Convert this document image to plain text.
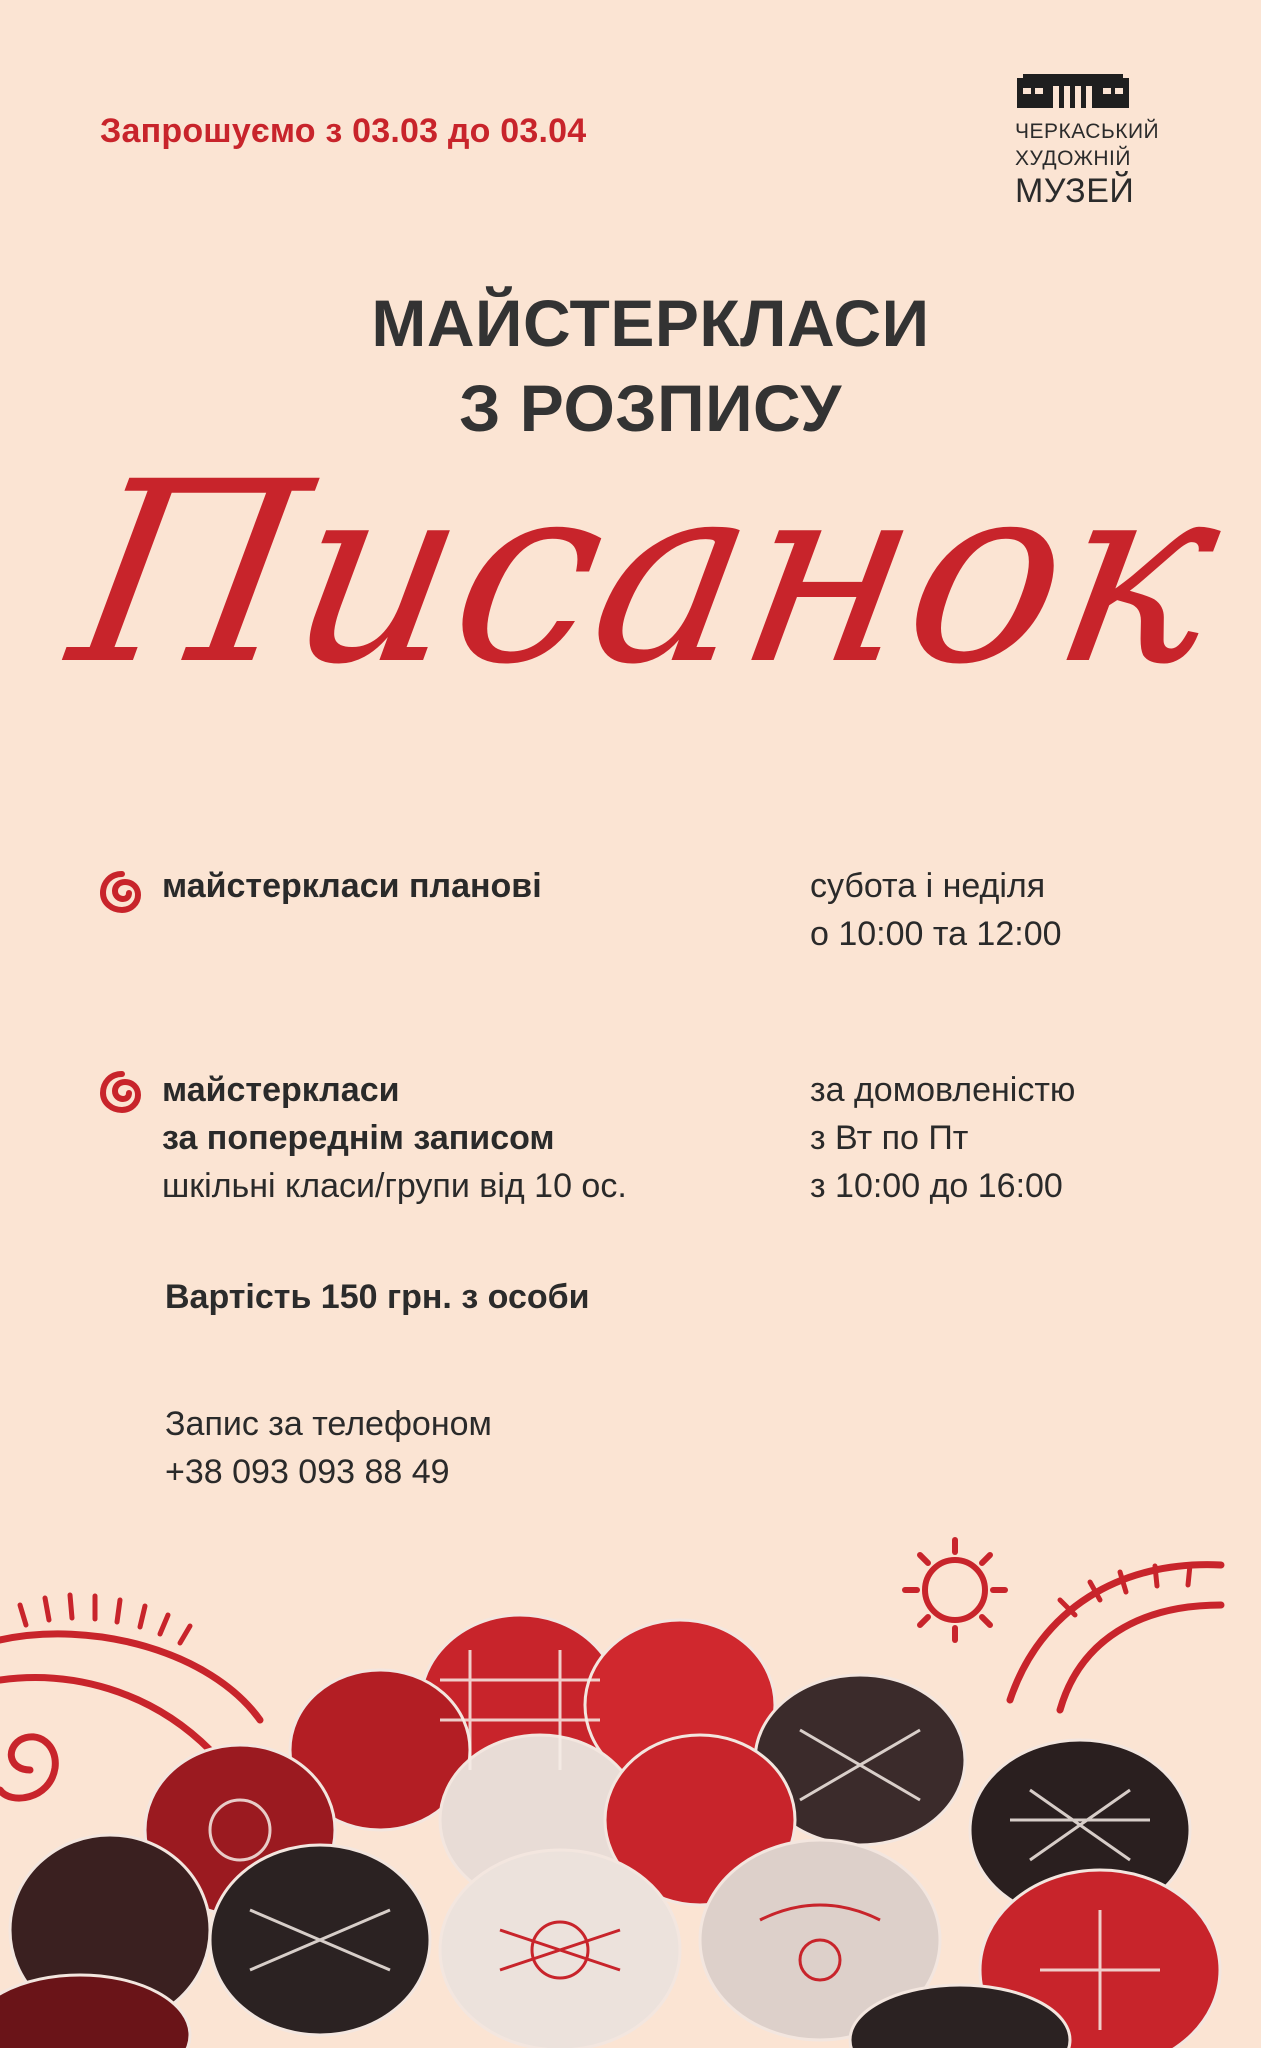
Запрошуємо з 03.03 до 03.04	ЧЕРКАСЬКИЙ
ХУДОЖНІЙ
МУЗЕЙ
МАЙСТЕРКЛАСИ
З РОЗПИСУ
Писанок
майстеркласи планові	субота і неділя
о 10:00 та 12:00
майстеркласи
за попереднім записом
шкільні класи/групи від 10 ос.
за домовленістю
з Вт по Пт
з 10:00 до 16:00
Вартість 150 грн. з особи
Запис за телефоном
+38 093 093 88 49
